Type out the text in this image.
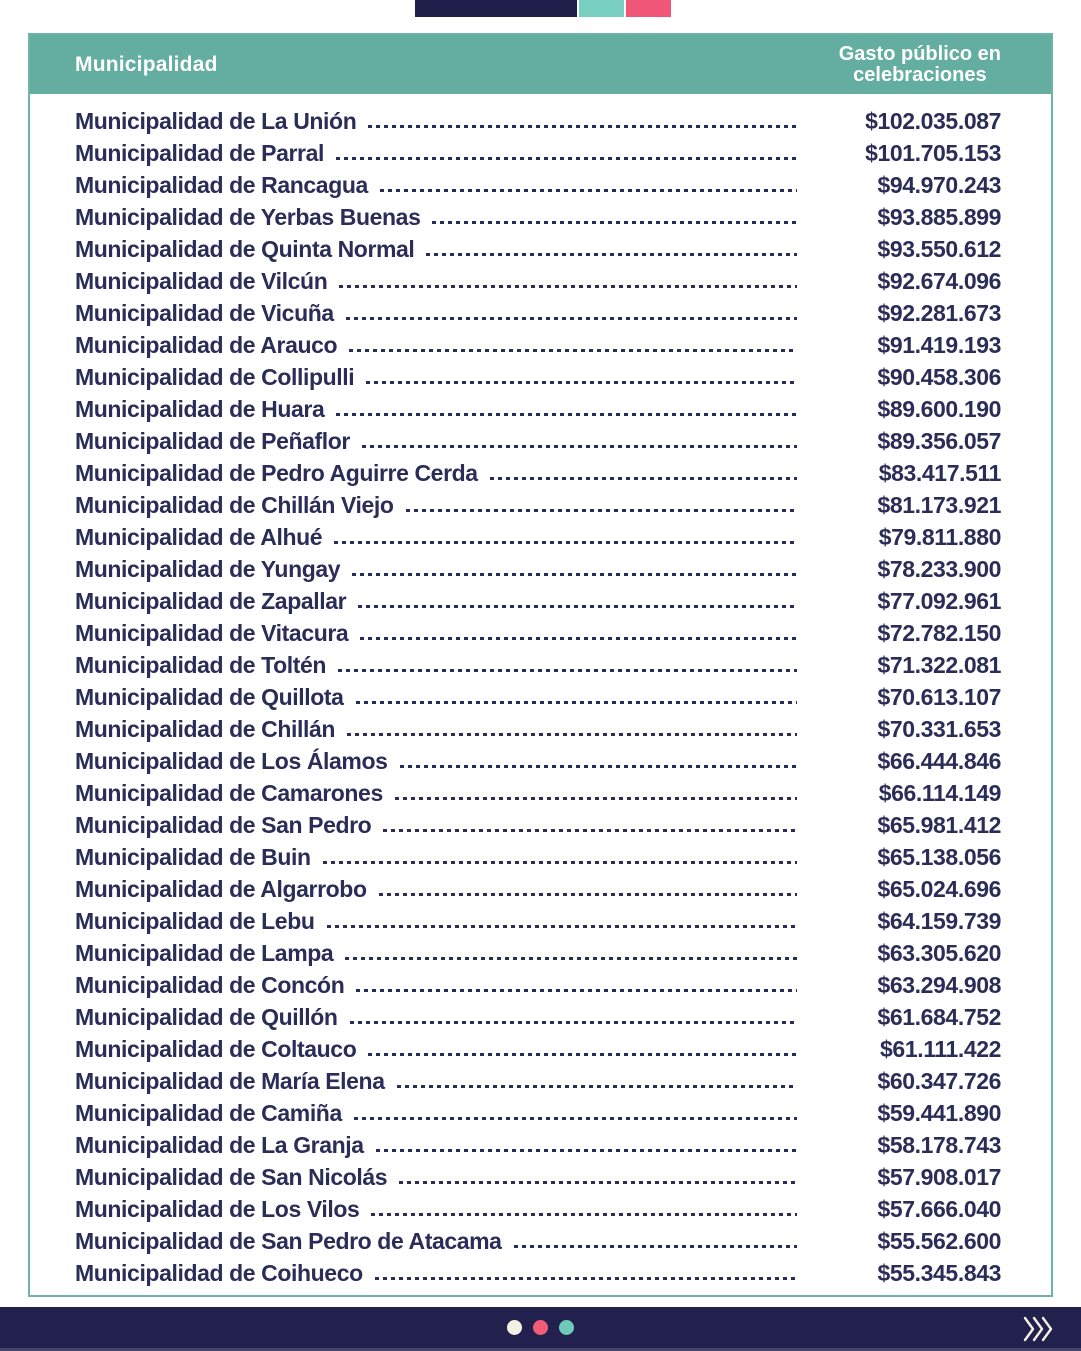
Municipalidad	Gasto público en
celebraciones
Municipalidad de La Unión	$102.035.087
Municipalidad de Parral	$101.705.153
Municipalidad de Rancagua	$94.970.243
Municipalidad de Yerbas Buenas	$93.885.899
Municipalidad de Quinta Normal	$93.550.612
Municipalidad de Vilcún	$92.674.096
Municipalidad de Vicuña	$92.281.673
Municipalidad de Arauco	$91.419.193
Municipalidad de Collipulli	$90.458.306
Municipalidad de Huara	$89.600.190
Municipalidad de Peñaflor	$89.356.057
Municipalidad de Pedro Aguirre Cerda	$83.417.511
Municipalidad de Chillán Viejo	$81.173.921
Municipalidad de Alhué	$79.811.880
Municipalidad de Yungay	$78.233.900
Municipalidad de Zapallar	$77.092.961
Municipalidad de Vitacura	$72.782.150
Municipalidad de Toltén	$71.322.081
Municipalidad de Quillota	$70.613.107
Municipalidad de Chillán	$70.331.653
Municipalidad de Los Álamos	$66.444.846
Municipalidad de Camarones	$66.114.149
Municipalidad de San Pedro	$65.981.412
Municipalidad de Buin	$65.138.056
Municipalidad de Algarrobo	$65.024.696
Municipalidad de Lebu	$64.159.739
Municipalidad de Lampa	$63.305.620
Municipalidad de Concón	$63.294.908
Municipalidad de Quillón	$61.684.752
Municipalidad de Coltauco	$61.111.422
Municipalidad de María Elena	$60.347.726
Municipalidad de Camiña	$59.441.890
Municipalidad de La Granja	$58.178.743
Municipalidad de San Nicolás	$57.908.017
Municipalidad de Los Vilos	$57.666.040
Municipalidad de San Pedro de Atacama	$55.562.600
Municipalidad de Coihueco	$55.345.843
